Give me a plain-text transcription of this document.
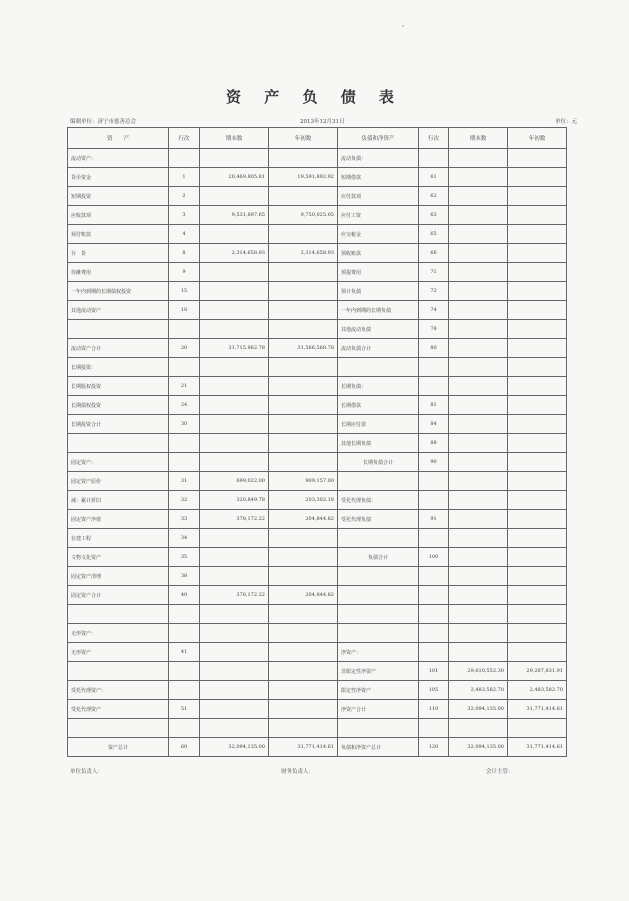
,
资 产 负 债 表
编制单位：济宁市慈善总会	2013年12月31日	单位：元
资　　产	行次	期末数	年初数	负债和净资产	行次	期末数	年初数
流动资产：				流动负债：			
货币资金	1	20,469,805.81	19,591,892.92	短期借款	61		
短期投资	2			应付款项	62		
应收款项	3	9,531,897.65	9,750,025.05	应付工资	63		
预付账款	4			应交税金	65		
存　货	8	2,314,658.93	2,314,658.93	预收账款	66		
待摊费用	9			预提费用	71		
一年内到期的长期债权投资	15			预计负债	72		
其他流动资产	18			一年内到期的长期负债	74		
				其他流动负债	78		
流动资产合计	20	31,715,962.78	31,566,568.78	流动负债合计	80		
长期投资：							
长期股权投资	21			长期负债：			
长期债权投资	24			长期借款	81		
长期投资合计	30			长期应付款	84		
				其他长期负债	88		
固定资产：				长期负债合计	90		
固定资产原价	31	699,022.00	909,157.00				
减：累计折旧	32	320,849.78	203,302.18	受托代理负债：			
固定资产净值	33	378,172.22	204,844.82	受托代理负债	91		
在建工程	34						
文物文化资产	35			负债合计	100		
固定资产清理	38						
固定资产合计	40	378,172.22	204,844.82				

无形资产：							
无形资产	41			净资产：			
				非限定性净资产	101	29,610,552.30	29,287,831.91
受托代理资产：				限定性净资产	105	2,483,582.70	2,483,582.70
受托代理资产	51			净资产合计	110	32,094,135.00	31,771,414.61

资产总计	60	32,094,135.00	31,771,414.61	负债和净资产总计	120	32,094,135.00	31,771,414.61
单位负责人：	财务负责人：	会计主管：
